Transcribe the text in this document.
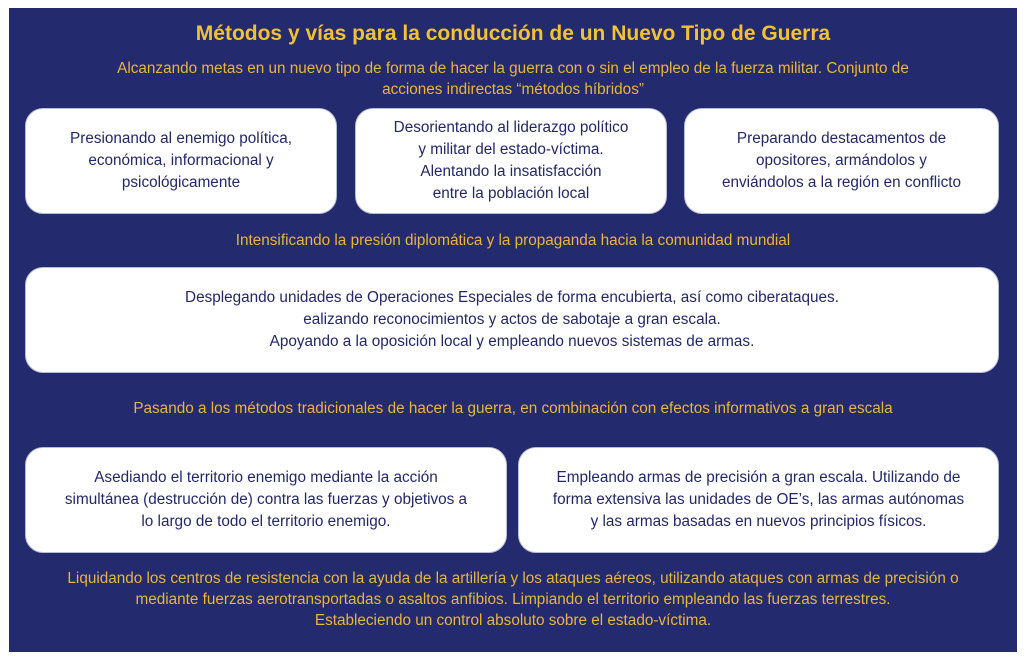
Métodos y vías para la conducción de un Nuevo Tipo de Guerra
Alcanzando metas en un nuevo tipo de forma de hacer la guerra con o sin el empleo de la fuerza militar. Conjunto de
acciones indirectas “métodos híbridos”
Presionando al enemigo política,
económica, informacional y
psicológicamente
Desorientando al liderazgo político
y militar del estado-víctima.
Alentando la insatisfacción
entre la población local
Preparando destacamentos de
opositores, armándolos y
enviándolos a la región en conflicto

Intensificando la presión diplomática y la propaganda hacia la comunidad mundial

Desplegando unidades de Operaciones Especiales de forma encubierta, así como ciberataques.
ealizando reconocimientos y actos de sabotaje a gran escala.
Apoyando a la oposición local y empleando nuevos sistemas de armas.

Pasando a los métodos tradicionales de hacer la guerra, en combinación con efectos informativos a gran escala

Asediando el territorio enemigo mediante la acción
simultánea (destrucción de) contra las fuerzas y objetivos a
lo largo de todo el territorio enemigo.
Empleando armas de precisión a gran escala. Utilizando de
forma extensiva las unidades de OE’s, las armas autónomas
y las armas basadas en nuevos principios físicos.
Liquidando los centros de resistencia con la ayuda de la artillería y los ataques aéreos, utilizando ataques con armas de precisión o
mediante fuerzas aerotransportadas o asaltos anfibios. Limpiando el territorio empleando las fuerzas terrestres.
Estableciendo un control absoluto sobre el estado-víctima.
